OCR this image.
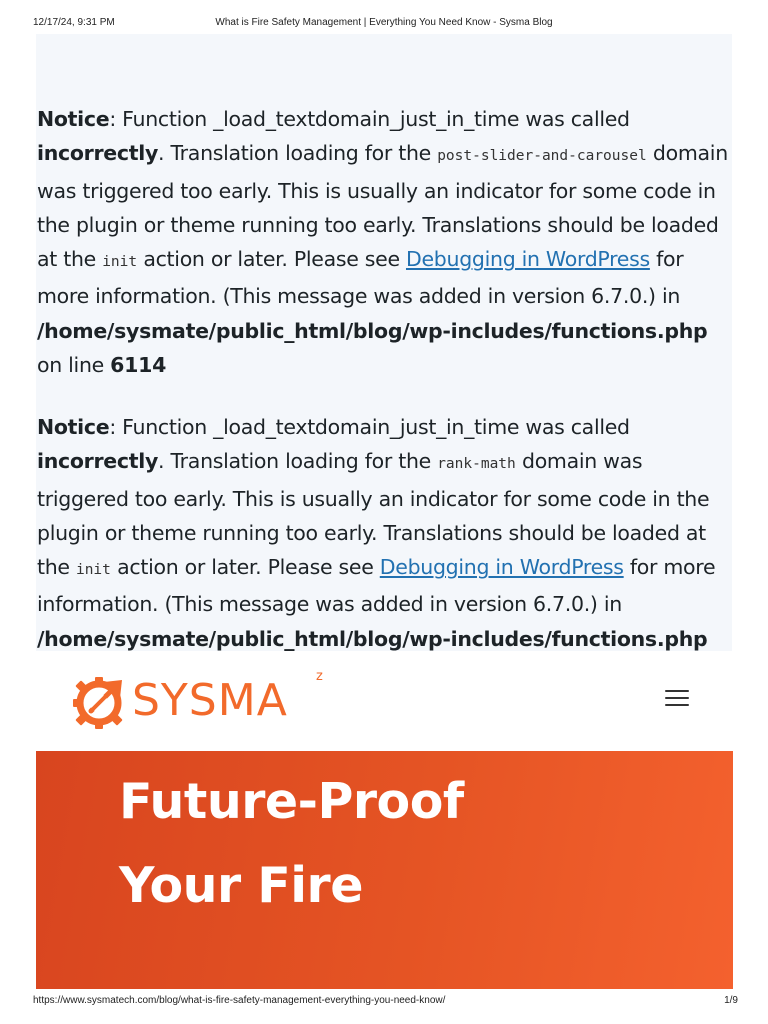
12/17/24, 9:31 PM	What is Fire Safety Management | Everything You Need Know - Sysma Blog
Notice: Function _load_textdomain_just_in_time was called incorrectly. Translation loading for the post-slider-and-carousel domain was triggered too early. This is usually an indicator for some code in the plugin or theme running too early. Translations should be loaded at the init action or later. Please see Debugging in WordPress for more information. (This message was added in version 6.7.0.) in /home/sysmate/public_html/blog/wp-includes/functions.php on line 6114
Notice: Function _load_textdomain_just_in_time was called incorrectly. Translation loading for the rank-math domain was triggered too early. This is usually an indicator for some code in the plugin or theme running too early. Translations should be loaded at the init action or later. Please see Debugging in WordPress for more information. (This message was added in version 6.7.0.) in /home/sysmate/public_html/blog/wp-includes/functions.php
SYSMA z
Future-Proof
Your Fire
https://www.sysmatech.com/blog/what-is-fire-safety-management-everything-you-need-know/	1/9
